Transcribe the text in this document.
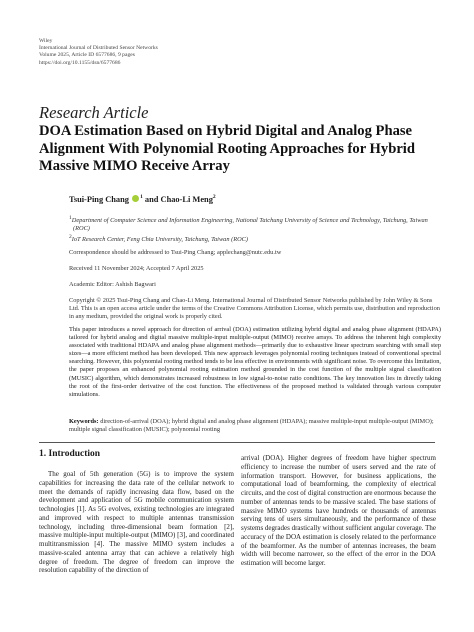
Wiley
International Journal of Distributed Sensor Networks
Volume 2025, Article ID 6577686, 9 pages
https://doi.org/10.1155/dsn/6577686
Research Article
DOA Estimation Based on Hybrid Digital and Analog Phase Alignment With Polynomial Rooting Approaches for Hybrid Massive MIMO Receive Array
Tsui-Ping Chang $^1$ and Chao-Li Meng$^2$
$^1$Department of Computer Science and Information Engineering, National Taichung University of Science and Technology, Taichung, Taiwan (ROC)
$^2$IoT Research Center, Feng Chia University, Taichung, Taiwan (ROC)
Correspondence should be addressed to Tsui-Ping Chang; applechang@nutc.edu.tw
Received 11 November 2024; Accepted 7 April 2025
Academic Editor: Ashish Bagwari
Copyright © 2025 Tsui-Ping Chang and Chao-Li Meng. International Journal of Distributed Sensor Networks published by John Wiley & Sons Ltd. This is an open access article under the terms of the Creative Commons Attribution License, which permits use, distribution and reproduction in any medium, provided the original work is properly cited.
This paper introduces a novel approach for direction of arrival (DOA) estimation utilizing hybrid digital and analog phase alignment (HDAPA) tailored for hybrid analog and digital massive multiple-input multiple-output (MIMO) receive arrays. To address the inherent high complexity associated with traditional HDAPA and analog phase alignment methods—primarily due to exhaustive linear spectrum searching with small step sizes—a more efficient method has been developed. This new approach leverages polynomial rooting techniques instead of conventional spectral searching. However, this polynomial rooting method tends to be less effective in environments with significant noise. To overcome this limitation, the paper proposes an enhanced polynomial rooting estimation method grounded in the cost function of the multiple signal classification (MUSIC) algorithm, which demonstrates increased robustness in low signal-to-noise ratio conditions. The key innovation lies in directly taking the root of the first-order derivative of the cost function. The effectiveness of the proposed method is validated through various computer simulations.
Keywords: direction-of-arrival (DOA); hybrid digital and analog phase alignment (HDAPA); massive multiple-input multiple-output (MIMO); multiple signal classification (MUSIC); polynomial rooting
1. Introduction
The goal of 5th generation (5G) is to improve the system capabilities for increasing the data rate of the cellular network to meet the demands of rapidly increasing data flow, based on the development and application of 5G mobile communication system technologies [1]. As 5G evolves, existing technologies are integrated and improved with respect to multiple antennas transmission technology, including three-dimensional beam formation [2], massive multiple-input multiple-output (MIMO) [3], and coordinated multitransmission [4]. The massive MIMO system includes a massive-scaled antenna array that can achieve a relatively high degree of freedom. The degree of freedom can improve the resolution capability of the direction of
arrival (DOA). Higher degrees of freedom have higher spectrum efficiency to increase the number of users served and the rate of information transport. However, for business applications, the computational load of beamforming, the complexity of electrical circuits, and the cost of digital construction are enormous because the number of antennas tends to be massive scaled. The base stations of massive MIMO systems have hundreds or thousands of antennas serving tens of users simultaneously, and the performance of these systems degrades drastically without sufficient angular coverage. The accuracy of the DOA estimation is closely related to the performance of the beamformer. As the number of antennas increases, the beam width will become narrower, so the effect of the error in the DOA estimation will become larger.
